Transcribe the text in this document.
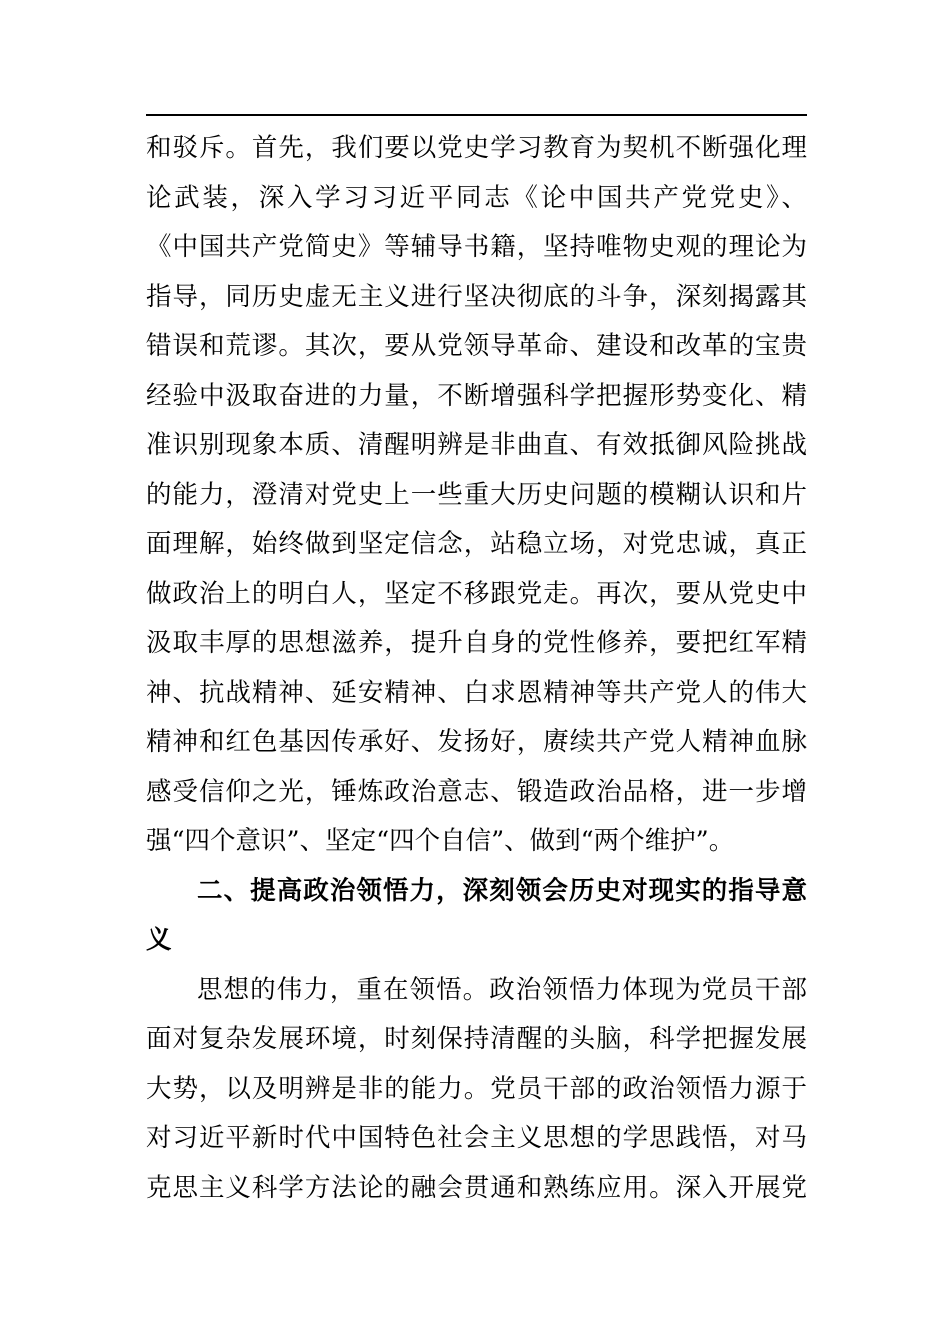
和驳斥。首先，我们要以党史学习教育为契机不断强化理
论武装，深入学习习近平同志《论中国共产党党史》、
《中国共产党简史》等辅导书籍，坚持唯物史观的理论为
指导，同历史虚无主义进行坚决彻底的斗争，深刻揭露其
错误和荒谬。其次，要从党领导革命、建设和改革的宝贵
经验中汲取奋进的力量，不断增强科学把握形势变化、精
准识别现象本质、清醒明辨是非曲直、有效抵御风险挑战
的能力，澄清对党史上一些重大历史问题的模糊认识和片
面理解，始终做到坚定信念，站稳立场，对党忠诚，真正
做政治上的明白人，坚定不移跟党走。再次，要从党史中
汲取丰厚的思想滋养，提升自身的党性修养，要把红军精
神、抗战精神、延安精神、白求恩精神等共产党人的伟大
精神和红色基因传承好、发扬好，赓续共产党人精神血脉
感受信仰之光，锤炼政治意志、锻造政治品格，进一步增
强“四个意识”、坚定“四个自信”、做到“两个维护”。
二、提高政治领悟力，深刻领会历史对现实的指导意
义
思想的伟力，重在领悟。政治领悟力体现为党员干部
面对复杂发展环境，时刻保持清醒的头脑，科学把握发展
大势，以及明辨是非的能力。党员干部的政治领悟力源于
对习近平新时代中国特色社会主义思想的学思践悟，对马
克思主义科学方法论的融会贯通和熟练应用。深入开展党
